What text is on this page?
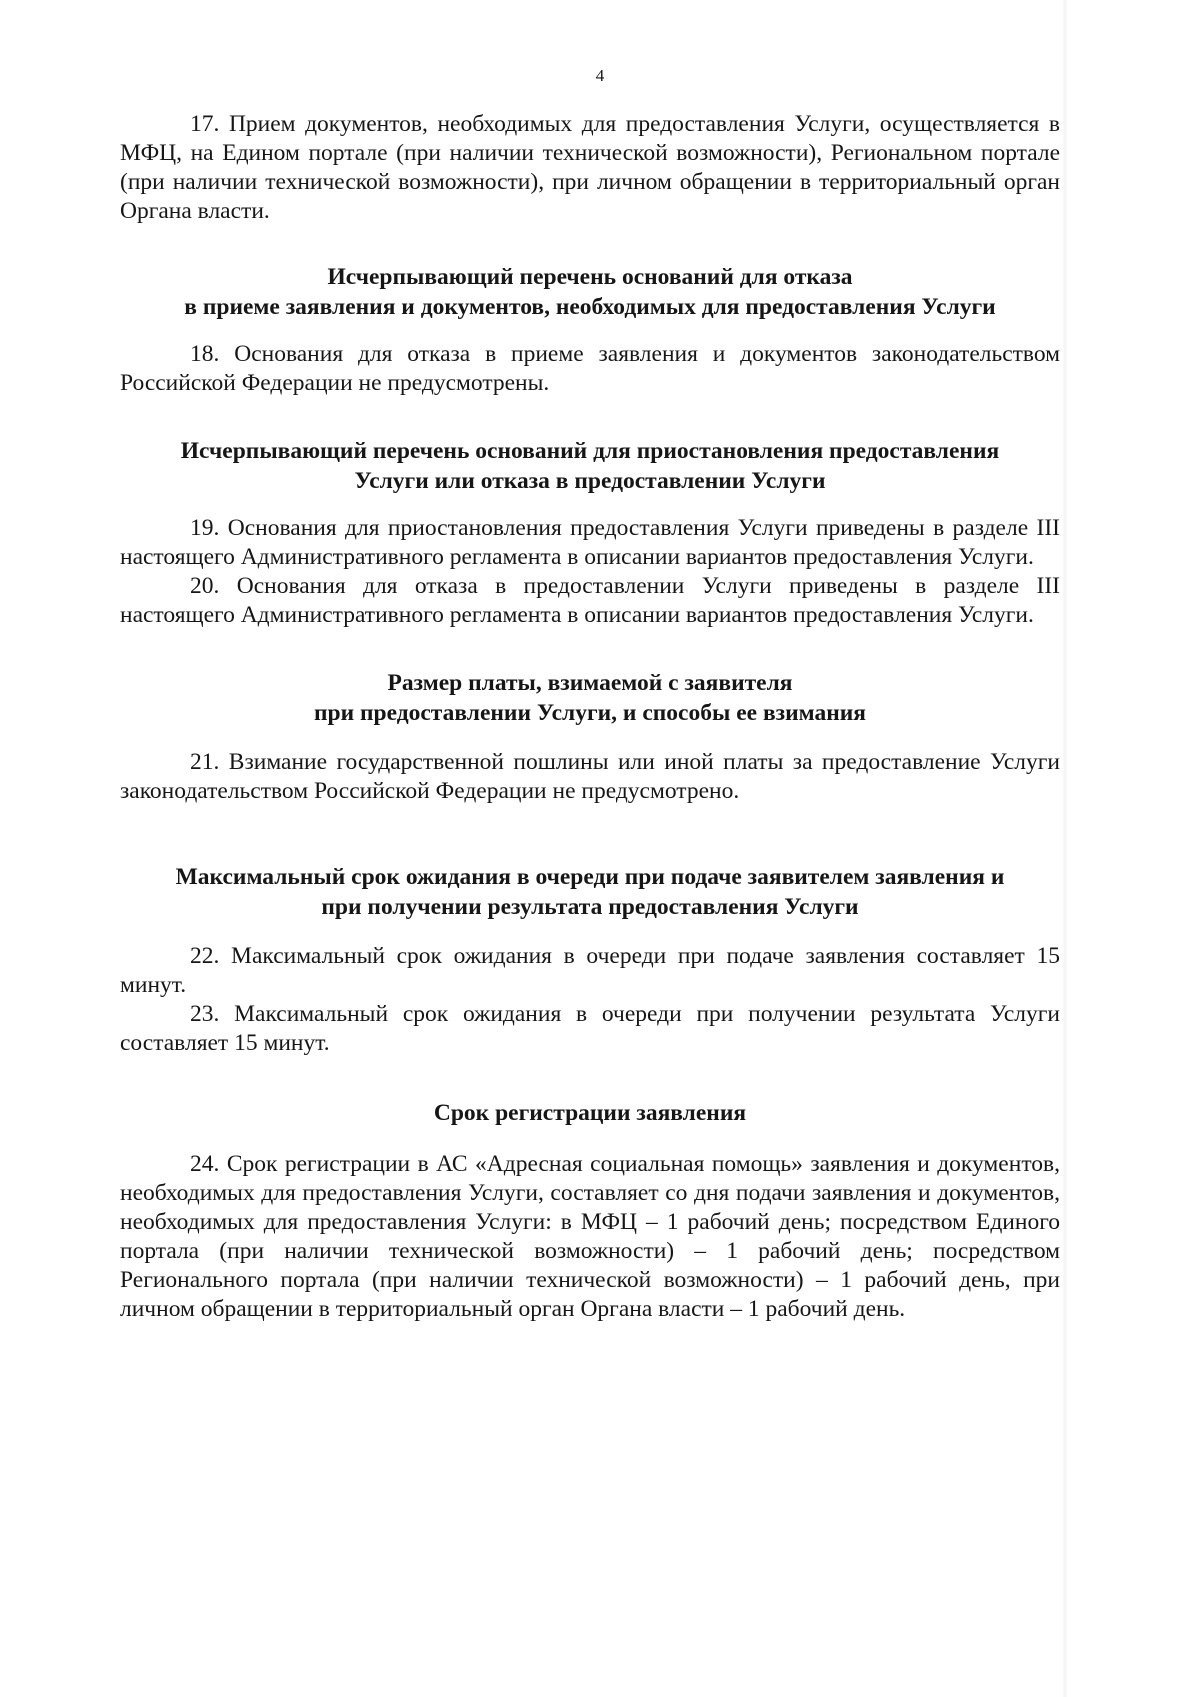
4

17. Прием документов, необходимых для предоставления Услуги, осуществляется в МФЦ, на Едином портале (при наличии технической возможности), Региональном портале (при наличии технической возможности), при личном обращении в территориальный орган Органа власти.

Исчерпывающий перечень оснований для отказа
в приеме заявления и документов, необходимых для предоставления Услуги

18. Основания для отказа в приеме заявления и документов законодательством Российской Федерации не предусмотрены.

Исчерпывающий перечень оснований для приостановления предоставления
Услуги или отказа в предоставлении Услуги

19. Основания для приостановления предоставления Услуги приведены в разделе III настоящего Административного регламента в описании вариантов предоставления Услуги.

20. Основания для отказа в предоставлении Услуги приведены в разделе III настоящего Административного регламента в описании вариантов предоставления Услуги.

Размер платы, взимаемой с заявителя
при предоставлении Услуги, и способы ее взимания

21. Взимание государственной пошлины или иной платы за предоставление Услуги законодательством Российской Федерации не предусмотрено.

Максимальный срок ожидания в очереди при подаче заявителем заявления и
при получении результата предоставления Услуги

22. Максимальный срок ожидания в очереди при подаче заявления составляет 15 минут.

23. Максимальный срок ожидания в очереди при получении результата Услуги составляет 15 минут.

Срок регистрации заявления

24. Срок регистрации в АС «Адресная социальная помощь» заявления и документов, необходимых для предоставления Услуги, составляет со дня подачи заявления и документов, необходимых для предоставления Услуги: в МФЦ – 1 рабочий день; посредством Единого портала (при наличии технической возможности) – 1 рабочий день; посредством Регионального портала (при наличии технической возможности) – 1 рабочий день, при личном обращении в территориальный орган Органа власти – 1 рабочий день.
